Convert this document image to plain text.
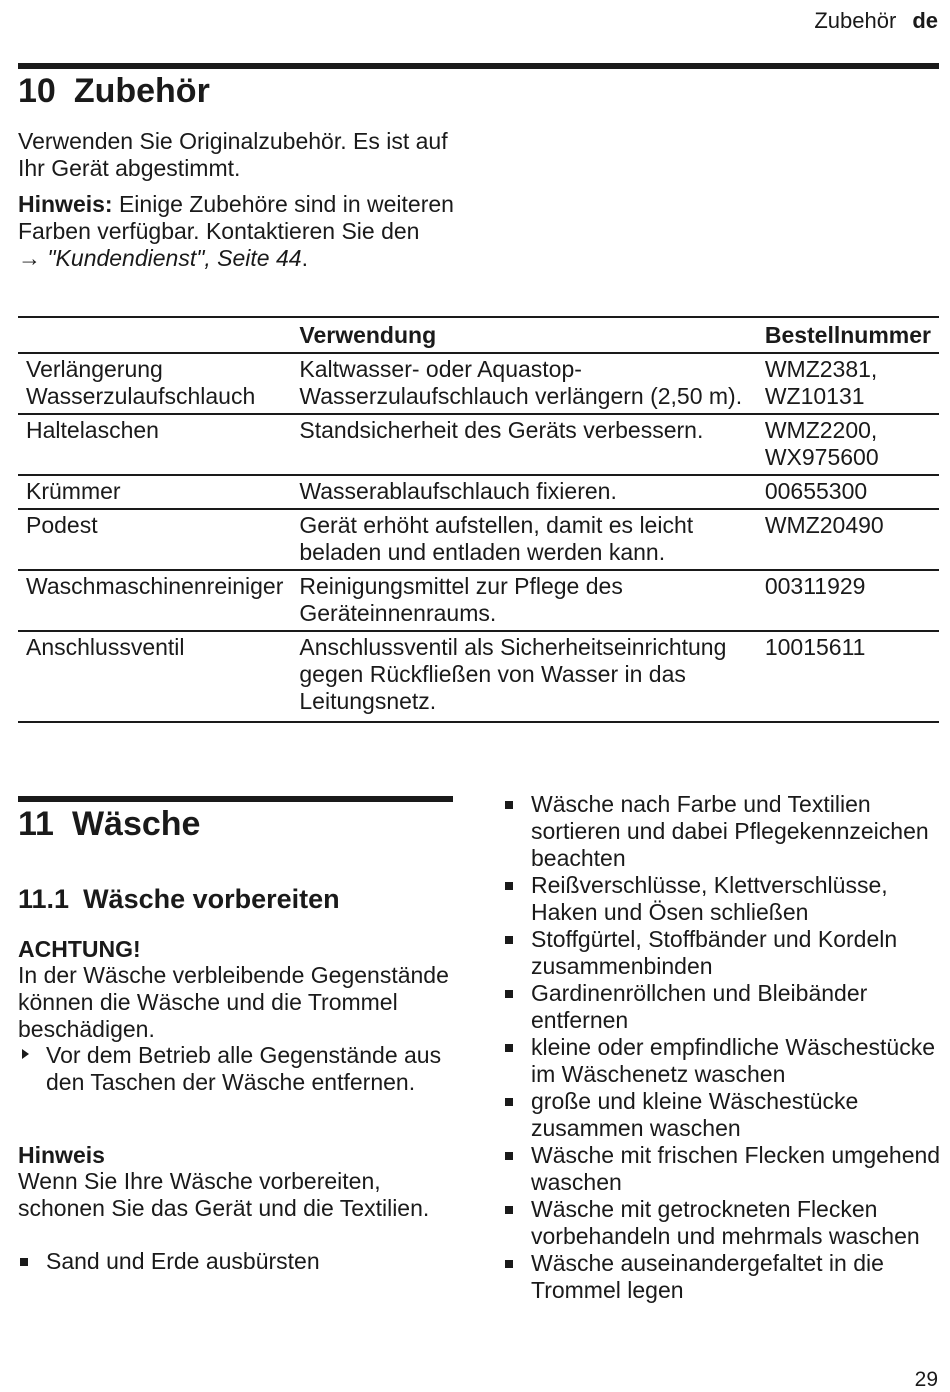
Zubehör de
10 Zubehör

Verwenden Sie Originalzubehör. Es ist auf Ihr Gerät abgestimmt.

Hinweis: Einige Zubehöre sind in weiteren Farben verfügbar. Kontaktieren Sie den
→ "Kundendienst", Seite 44.

	Verwendung	Bestellnummer
Verlängerung Wasserzulaufschlauch	Kaltwasser- oder Aquastop-Wasserzulaufschlauch verlängern (2,50 m).	WMZ2381, WZ10131
Haltelaschen	Standsicherheit des Geräts verbessern.	WMZ2200, WX975600
Krümmer	Wasserablaufschlauch fixieren.	00655300
Podest	Gerät erhöht aufstellen, damit es leicht beladen und entladen werden kann.	WMZ20490
Waschmaschinenreiniger	Reinigungsmittel zur Pflege des Geräteinnenraums.	00311929
Anschlussventil	Anschlussventil als Sicherheitseinrichtung gegen Rückfließen von Wasser in das Leitungsnetz.	10015611
11 Wäsche
11.1 Wäsche vorbereiten

ACHTUNG!

In der Wäsche verbleibende Gegenstände können die Wäsche und die Trommel beschädigen.

Vor dem Betrieb alle Gegenstände aus den Taschen der Wäsche entfernen.

Hinweis

Wenn Sie Ihre Wäsche vorbereiten, schonen Sie das Gerät und die Textilien.

Sand und Erde ausbürsten
Wäsche nach Farbe und Textilien sortieren und dabei Pflegekennzeichen beachten
Reißverschlüsse, Klettverschlüsse, Haken und Ösen schließen
Stoffgürtel, Stoffbänder und Kordeln zusammenbinden
Gardinenröllchen und Bleibänder entfernen
kleine oder empfindliche Wäschestücke im Wäschenetz waschen
große und kleine Wäschestücke zusammen waschen
Wäsche mit frischen Flecken umgehend waschen
Wäsche mit getrockneten Flecken vorbehandeln und mehrmals waschen
Wäsche auseinandergefaltet in die Trommel legen
29
